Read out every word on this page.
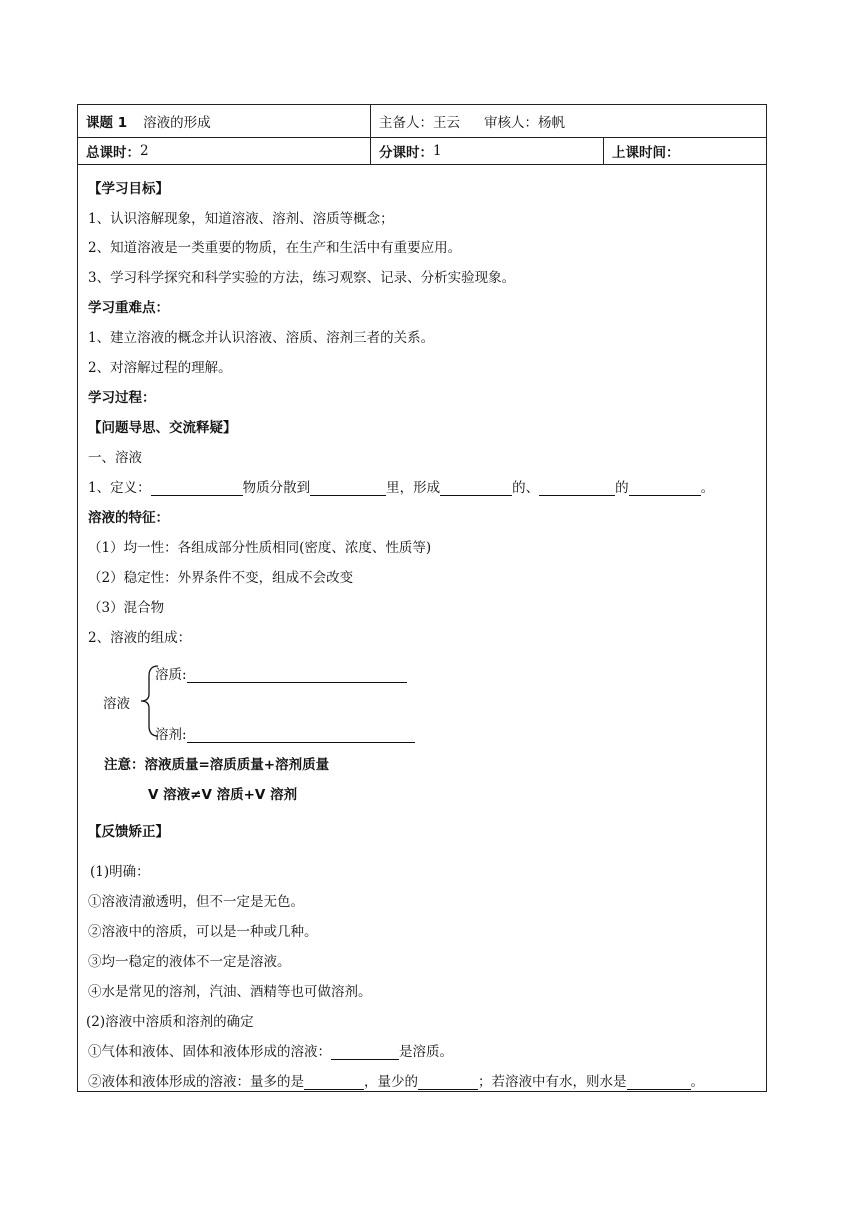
课题 1 溶液的形成	主备人： 王云 审核人： 杨帆
总课时： 2	分课时： 1	上课时间：
【学习目标】
1、认识溶解现象，知道溶液、溶剂、溶质等概念；
2、知道溶液是一类重要的物质，在生产和生活中有重要应用。
3、学习科学探究和科学实验的方法，练习观察、记录、分析实验现象。
学习重难点：
1、建立溶液的概念并认识溶液、溶质、溶剂三者的关系。
2、对溶解过程的理解。
学习过程：
【问题导思、交流释疑】
一、溶液
1、定义：	物质分散到	里，形成	的、	的	。
溶液的特征：
（1）均一性：各组成部分性质相同(密度、浓度、性质等)
（2）稳定性：外界条件不变，组成不会改变
（3）混合物
2、溶液的组成：
溶液
溶质:
溶剂:
注意：溶液质量=溶质质量+溶剂质量
V 溶液≠V 溶质+V 溶剂
【反馈矫正】
(1)明确：
①溶液清澈透明，但不一定是无色。
②溶液中的溶质，可以是一种或几种。
③均一稳定的液体不一定是溶液。
④水是常见的溶剂，汽油、酒精等也可做溶剂。
(2)溶液中溶质和溶剂的确定
①气体和液体、固体和液体形成的溶液：	是溶质。
②液体和液体形成的溶液：量多的是	，量少的	；若溶液中有水，则水是	。
